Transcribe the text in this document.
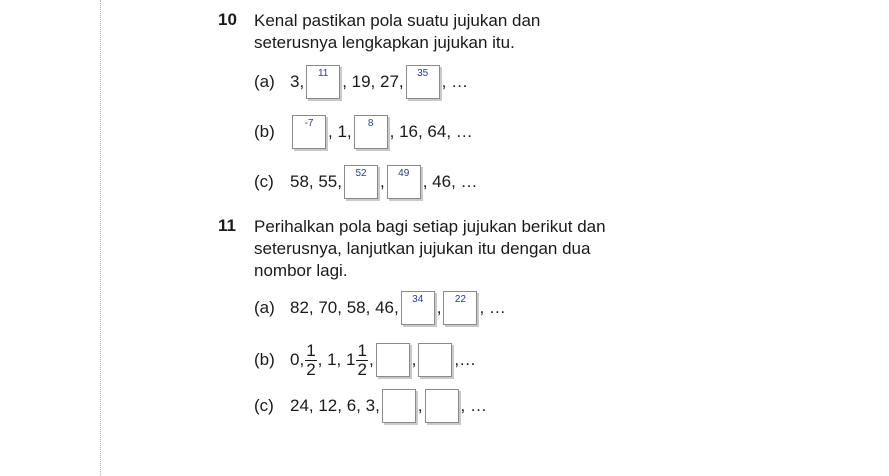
10 Kenal pastikan pola suatu jujukan dan
seterusnya lengkapkan jujukan itu.
(a) 3,	11 , 19, 27,	35 , …
(b)	-7 , 1,	8 , 16, 64, …
(c) 58, 55,	52 ,	49 , 46, …
11 Perihalkan pola bagi setiap jujukan berikut dan
seterusnya, lanjutkan jujukan itu dengan dua
nombor lagi.
(a) 82, 70, 58, 46,	34 ,	22 , …
(b) 0, $\frac{1}{2}$ , 1, $1 \frac{1}{2}$ , , ,…
(c) 24, 12, 6, 3, , , …
